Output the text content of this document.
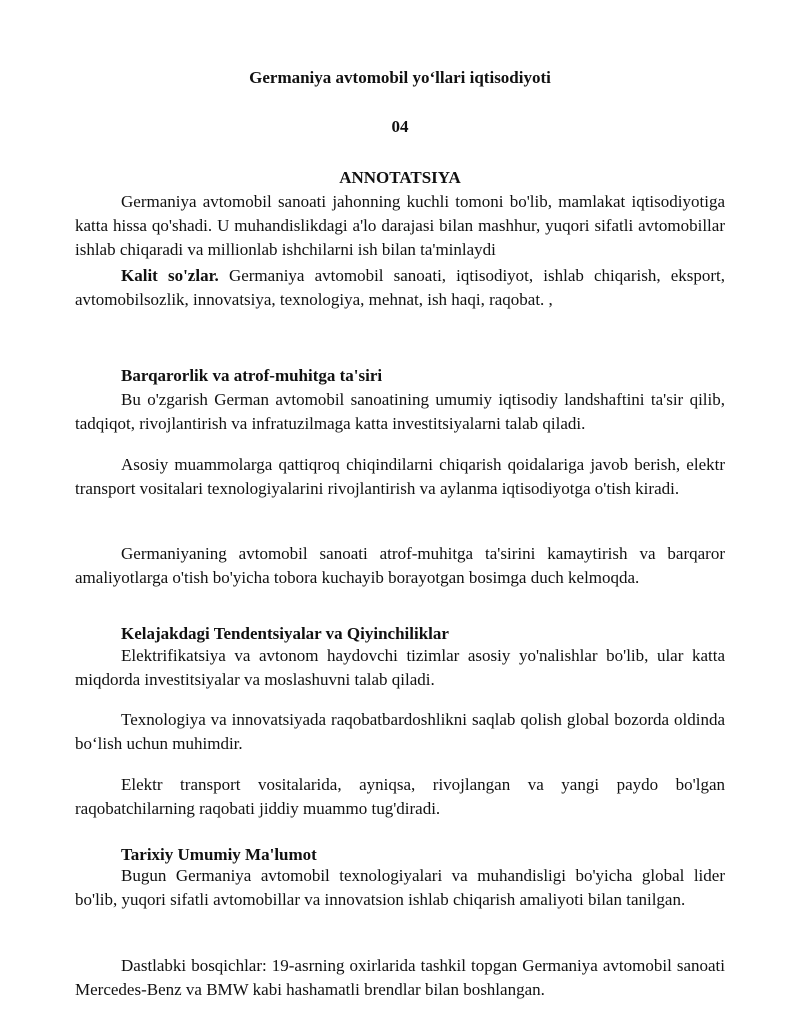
Germaniya avtomobil yo‘llari iqtisodiyoti
04
ANNOTATSIYA

Germaniya avtomobil sanoati jahonning kuchli tomoni bo'lib, mamlakat iqtisodiyotiga katta hissa qo'shadi. U muhandislikdagi a'lo darajasi bilan mashhur, yuqori sifatli avtomobillar ishlab chiqaradi va millionlab ishchilarni ish bilan ta'minlaydi

Kalit so'zlar. Germaniya avtomobil sanoati, iqtisodiyot, ishlab chiqarish, eksport, avtomobilsozlik, innovatsiya, texnologiya, mehnat, ish haqi, raqobat. ,

Barqarorlik va atrof-muhitga ta'siri

Bu o'zgarish German avtomobil sanoatining umumiy iqtisodiy landshaftini ta'sir qilib, tadqiqot, rivojlantirish va infratuzilmaga katta investitsiyalarni talab qiladi.

Asosiy muammolarga qattiqroq chiqindilarni chiqarish qoidalariga javob berish, elektr transport vositalari texnologiyalarini rivojlantirish va aylanma iqtisodiyotga o'tish kiradi.

Germaniyaning avtomobil sanoati atrof-muhitga ta'sirini kamaytirish va barqaror amaliyotlarga o'tish bo'yicha tobora kuchayib borayotgan bosimga duch kelmoqda.

Kelajakdagi Tendentsiyalar va Qiyinchiliklar

Elektrifikatsiya va avtonom haydovchi tizimlar asosiy yo'nalishlar bo'lib, ular katta miqdorda investitsiyalar va moslashuvni talab qiladi.

Texnologiya va innovatsiyada raqobatbardoshlikni saqlab qolish global bozorda oldinda bo‘lish uchun muhimdir.

Elektr transport vositalarida, ayniqsa, rivojlangan va yangi paydo bo'lgan raqobatchilarning raqobati jiddiy muammo tug'diradi.

Tarixiy Umumiy Ma'lumot

Bugun Germaniya avtomobil texnologiyalari va muhandisligi bo'yicha global lider bo'lib, yuqori sifatli avtomobillar va innovatsion ishlab chiqarish amaliyoti bilan tanilgan.

Dastlabki bosqichlar: 19-asrning oxirlarida tashkil topgan Germaniya avtomobil sanoati Mercedes-Benz va BMW kabi hashamatli brendlar bilan boshlangan.
